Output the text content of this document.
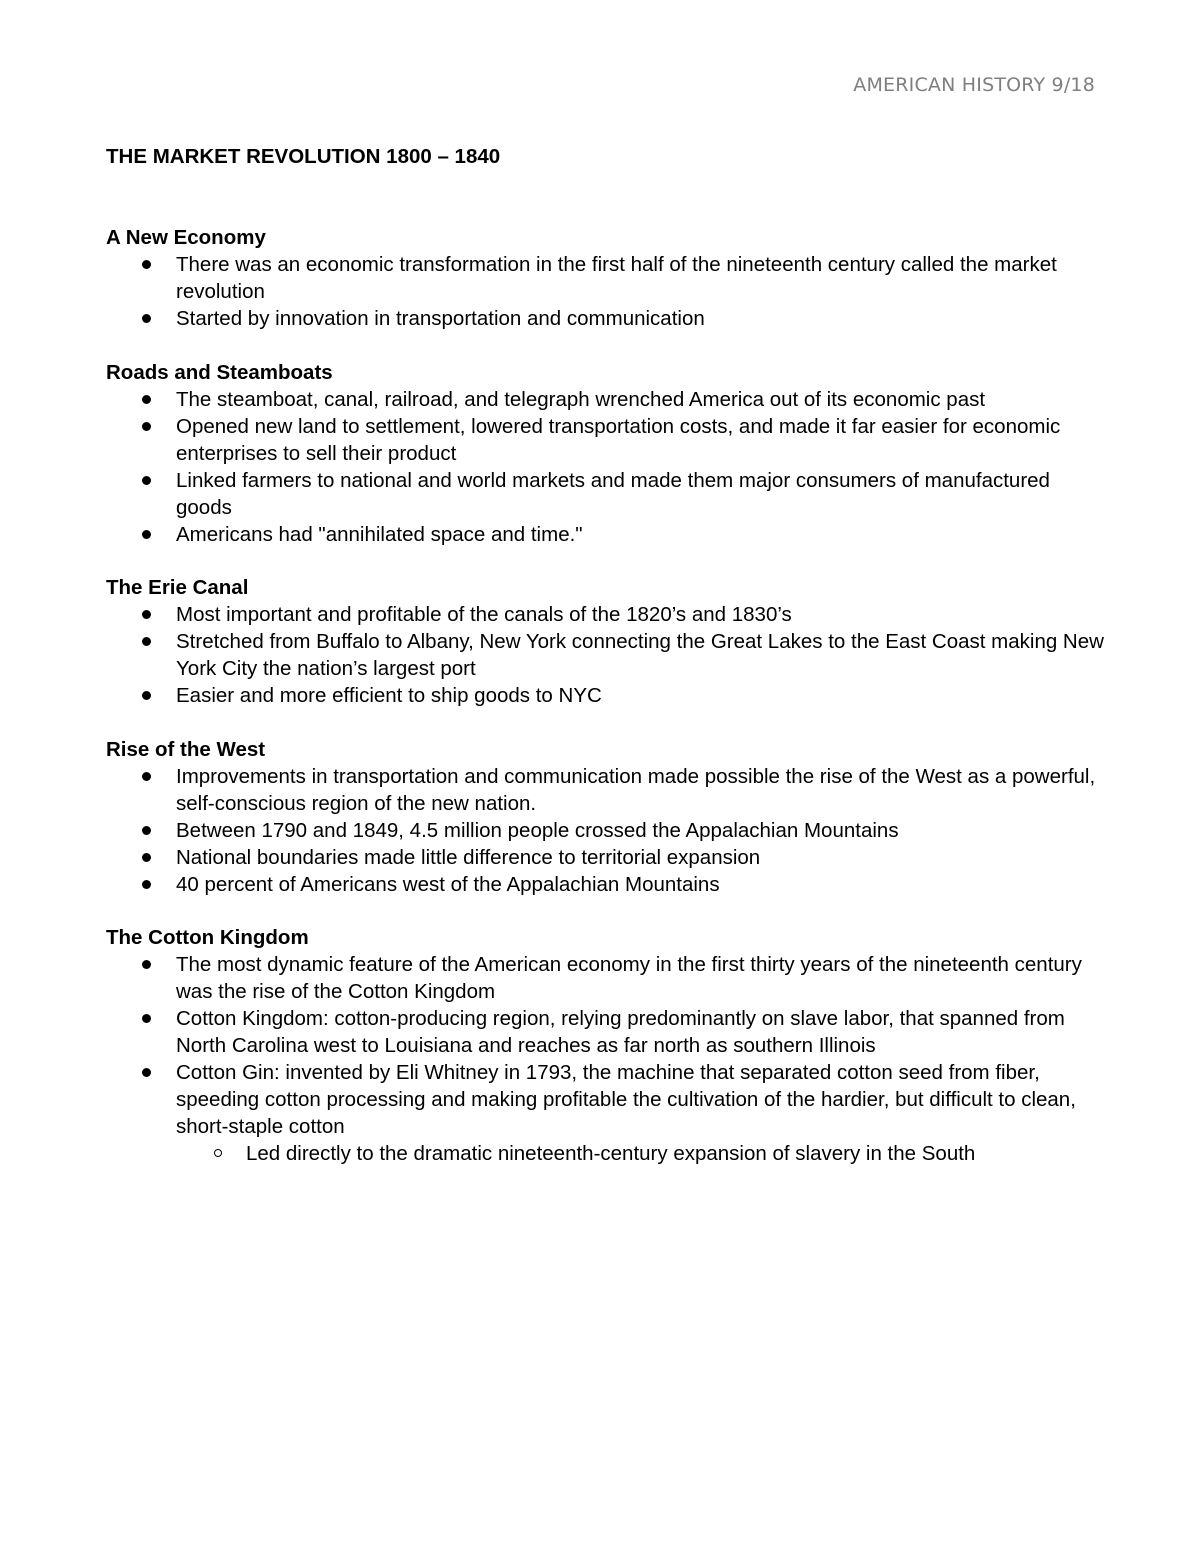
AMERICAN HISTORY 9/18
THE MARKET REVOLUTION 1800 – 1840
A New Economy
There was an economic transformation in the first half of the nineteenth century called the market revolution
Started by innovation in transportation and communication
Roads and Steamboats
The steamboat, canal, railroad, and telegraph wrenched America out of its economic past
Opened new land to settlement, lowered transportation costs, and made it far easier for economic enterprises to sell their product
Linked farmers to national and world markets and made them major consumers of manufactured goods
Americans had "annihilated space and time."
The Erie Canal
Most important and profitable of the canals of the 1820’s and 1830’s
Stretched from Buffalo to Albany, New York connecting the Great Lakes to the East Coast making New York City the nation’s largest port
Easier and more efficient to ship goods to NYC
Rise of the West
Improvements in transportation and communication made possible the rise of the West as a powerful, self-conscious region of the new nation.
Between 1790 and 1849, 4.5 million people crossed the Appalachian Mountains
National boundaries made little difference to territorial expansion
40 percent of Americans west of the Appalachian Mountains
The Cotton Kingdom
The most dynamic feature of the American economy in the first thirty years of the nineteenth century was the rise of the Cotton Kingdom
Cotton Kingdom: cotton-producing region, relying predominantly on slave labor, that spanned from North Carolina west to Louisiana and reaches as far north as southern Illinois
Cotton Gin: invented by Eli Whitney in 1793, the machine that separated cotton seed from fiber, speeding cotton processing and making profitable the cultivation of the hardier, but difficult to clean, short-staple cotton
Led directly to the dramatic nineteenth-century expansion of slavery in the South
